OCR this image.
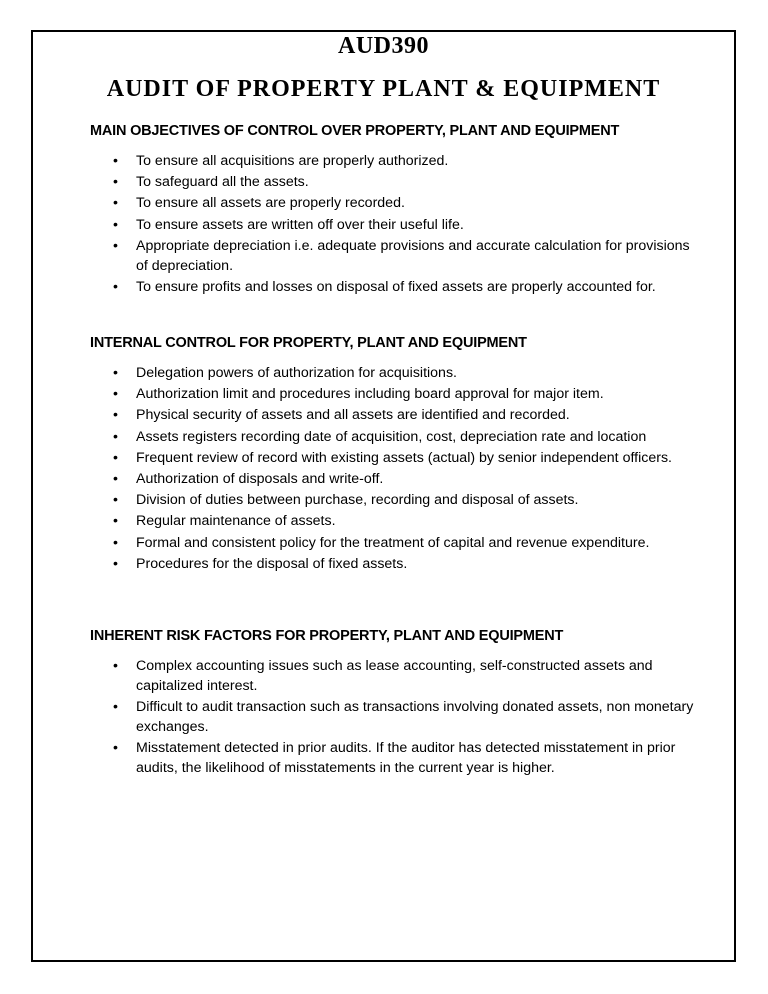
AUD390
AUDIT OF PROPERTY PLANT & EQUIPMENT
MAIN OBJECTIVES OF CONTROL OVER PROPERTY, PLANT AND EQUIPMENT
• To ensure all acquisitions are properly authorized.
• To safeguard all the assets.
• To ensure all assets are properly recorded.
• To ensure assets are written off over their useful life.
• Appropriate depreciation i.e. adequate provisions and accurate calculation for provisions of depreciation.
• To ensure profits and losses on disposal of fixed assets are properly accounted for.
INTERNAL CONTROL FOR PROPERTY, PLANT AND EQUIPMENT
• Delegation powers of authorization for acquisitions.
• Authorization limit and procedures including board approval for major item.
• Physical security of assets and all assets are identified and recorded.
• Assets registers recording date of acquisition, cost, depreciation rate and location
• Frequent review of record with existing assets (actual) by senior independent officers.
• Authorization of disposals and write-off.
• Division of duties between purchase, recording and disposal of assets.
• Regular maintenance of assets.
• Formal and consistent policy for the treatment of capital and revenue expenditure.
• Procedures for the disposal of fixed assets.
INHERENT RISK FACTORS FOR PROPERTY, PLANT AND EQUIPMENT
• Complex accounting issues such as lease accounting, self-constructed assets and capitalized interest.
• Difficult to audit transaction such as transactions involving donated assets, non monetary exchanges.
• Misstatement detected in prior audits. If the auditor has detected misstatement in prior audits, the likelihood of misstatements in the current year is higher.
